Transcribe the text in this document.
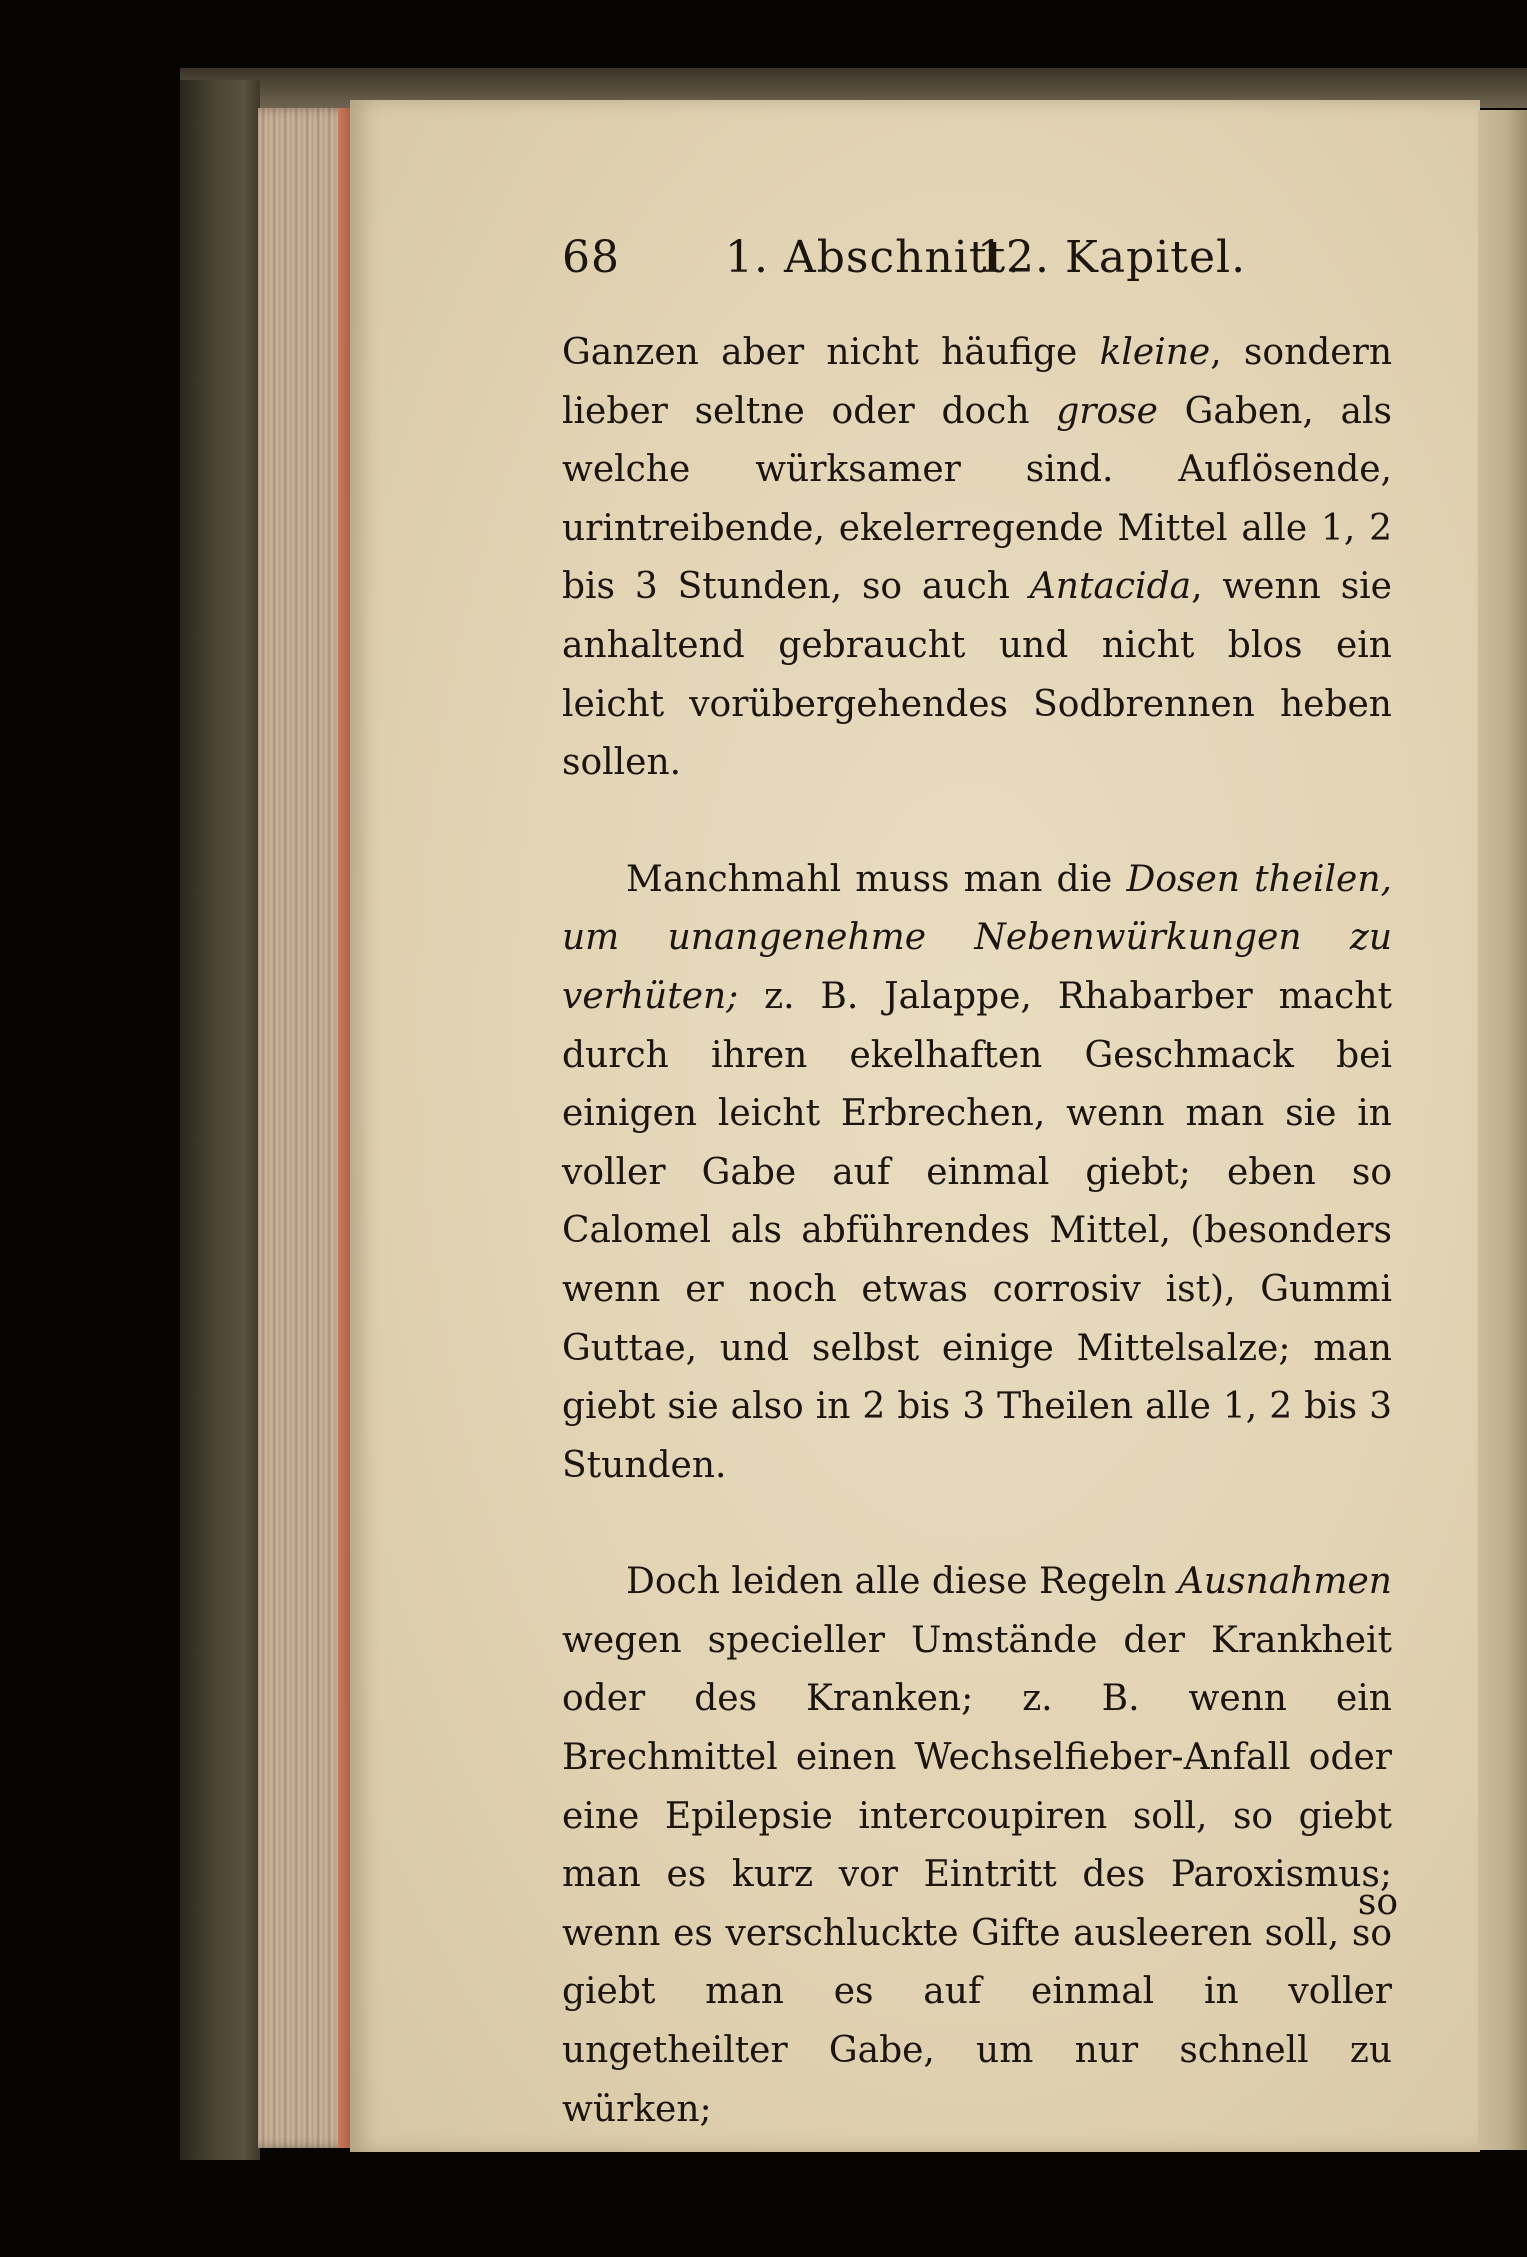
68 1. Abschnitt.
12. Kapitel.

Ganzen aber nicht häufige kleine, sondern lieber seltne oder doch grose Gaben, als welche würksamer sind. Auflösende, urintreibende, ekelerregende Mittel alle 1, 2 bis 3 Stunden, so auch Antacida, wenn sie anhaltend gebraucht und nicht blos ein leicht vorübergehendes Sodbrennen heben sollen.

Manchmahl muss man die Dosen theilen, um unangenehme Nebenwürkungen zu verhüten; z. B. Jalappe, Rhabarber macht durch ihren ekelhaften Geschmack bei einigen leicht Erbrechen, wenn man sie in voller Gabe auf einmal giebt; eben so Calomel als abführendes Mittel, (besonders wenn er noch etwas corrosiv ist), Gummi Guttae, und selbst einige Mittelsalze; man giebt sie also in 2 bis 3 Theilen alle 1, 2 bis 3 Stunden.

Doch leiden alle diese Regeln Ausnahmen wegen specieller Umstände der Krankheit oder des Kranken; z. B. wenn ein Brechmittel einen Wechselfieber-Anfall oder eine Epilepsie intercoupiren soll, so giebt man es kurz vor Eintritt des Paroxismus; wenn es verschluckte Gifte ausleeren soll, so giebt man es auf einmal in voller ungetheilter Gabe, um nur schnell zu würken;

so
